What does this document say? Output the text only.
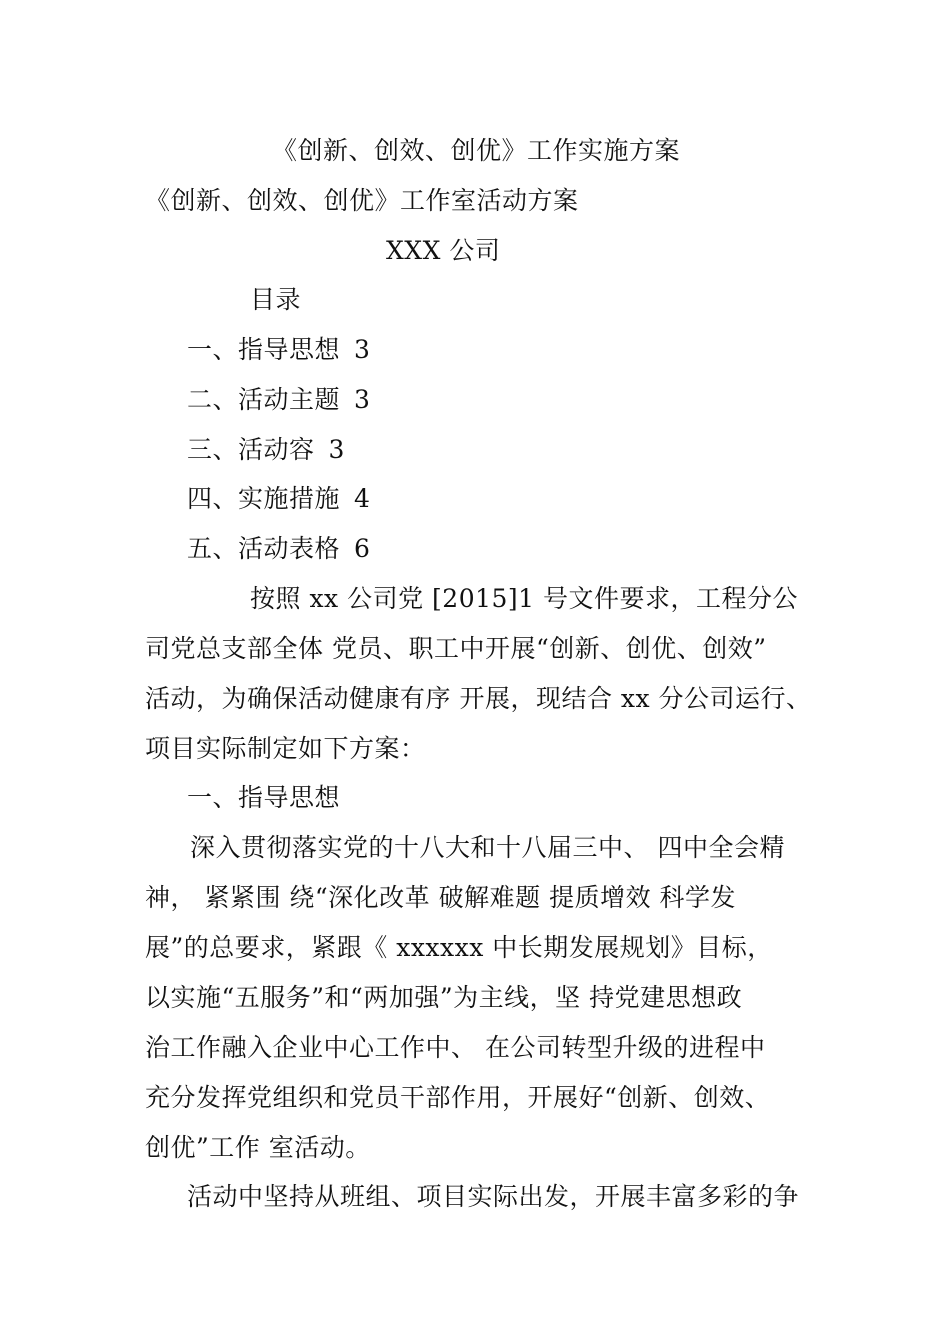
《创新、创效、创优》工作实施方案
《创新、创效、创优》工作室活动方案
XXX 公司
目录
一、指导思想 3
二、活动主题 3
三、活动容 3
四、实施措施 4
五、活动表格 6
按照 xx 公司党 [2015]1 号文件要求，工程分公
司党总支部全体 党员、职工中开展“创新、创优、创效”
活动，为确保活动健康有序 开展，现结合 xx 分公司运行、
项目实际制定如下方案：
一、指导思想
深入贯彻落实党的十八大和十八届三中、 四中全会精
神， 紧紧围 绕“深化改革 破解难题 提质增效 科学发
展”的总要求，紧跟《 xxxxxx 中长期发展规划》目标，
以实施“五服务”和“两加强”为主线，坚 持党建思想政
治工作融入企业中心工作中、 在公司转型升级的进程中
充分发挥党组织和党员干部作用，开展好“创新、创效、
创优”工作 室活动。
活动中坚持从班组、项目实际出发，开展丰富多彩的争
